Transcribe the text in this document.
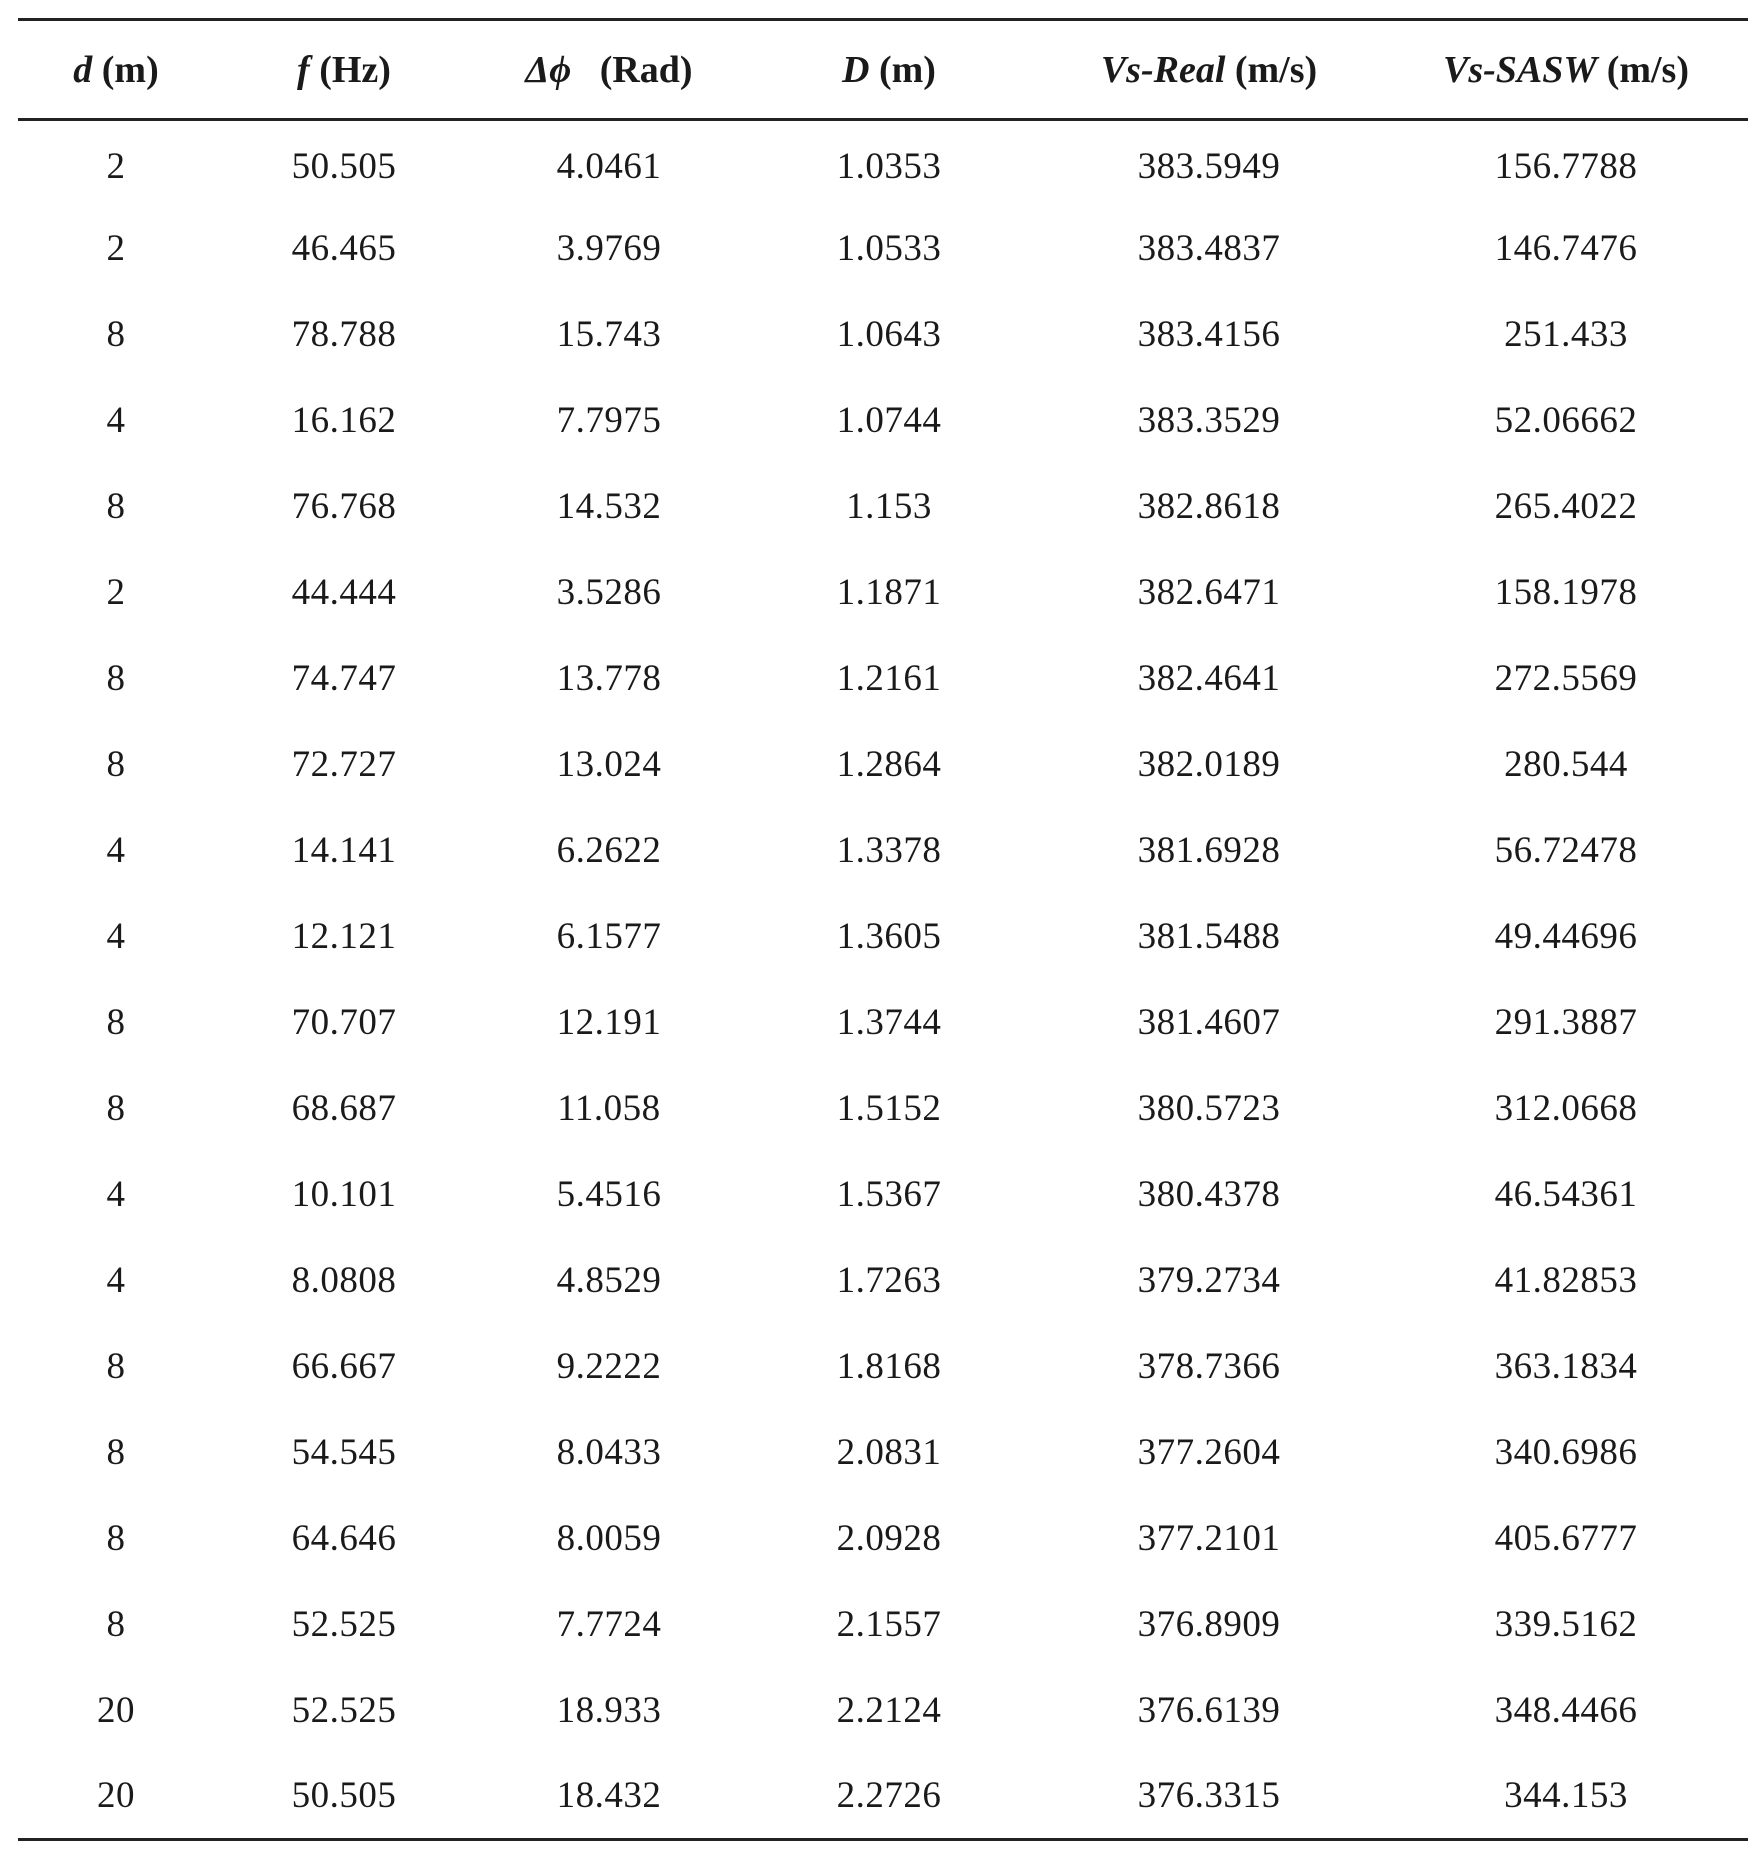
d (m)	f (Hz)	Δϕ   (Rad)	D (m)	Vs-Real (m/s)	Vs-SASW (m/s)
2	50.505	4.0461	1.0353	383.5949	156.7788
2	46.465	3.9769	1.0533	383.4837	146.7476
8	78.788	15.743	1.0643	383.4156	251.433
4	16.162	7.7975	1.0744	383.3529	52.06662
8	76.768	14.532	1.153	382.8618	265.4022
2	44.444	3.5286	1.1871	382.6471	158.1978
8	74.747	13.778	1.2161	382.4641	272.5569
8	72.727	13.024	1.2864	382.0189	280.544
4	14.141	6.2622	1.3378	381.6928	56.72478
4	12.121	6.1577	1.3605	381.5488	49.44696
8	70.707	12.191	1.3744	381.4607	291.3887
8	68.687	11.058	1.5152	380.5723	312.0668
4	10.101	5.4516	1.5367	380.4378	46.54361
4	8.0808	4.8529	1.7263	379.2734	41.82853
8	66.667	9.2222	1.8168	378.7366	363.1834
8	54.545	8.0433	2.0831	377.2604	340.6986
8	64.646	8.0059	2.0928	377.2101	405.6777
8	52.525	7.7724	2.1557	376.8909	339.5162
20	52.525	18.933	2.2124	376.6139	348.4466
20	50.505	18.432	2.2726	376.3315	344.153
